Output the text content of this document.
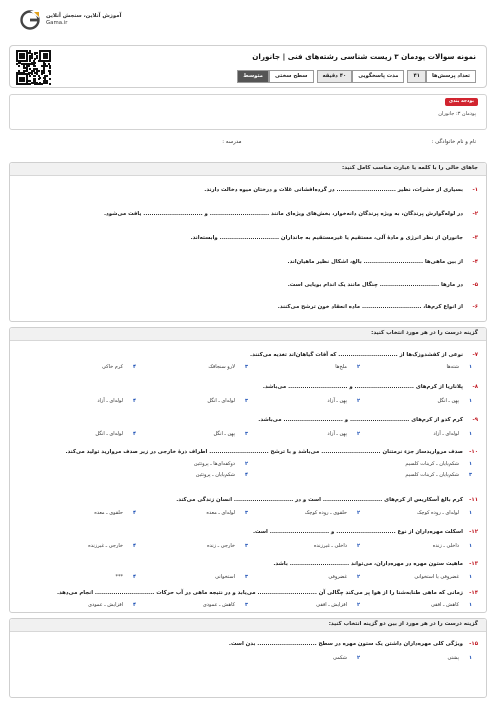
آموزش آنلاین، سنجش آنلاین
Gama.ir
نمونه سوالات پودمان ۳ زیست شناسی رشته‌های فنی | جانوران
تعداد پرسش‌ها
۴۱
مدت پاسخگویی
۴۰ دقیقه
سطح سختی
متوسط
بودجه بندی
پودمان ۳: جانوران
نام و نام خانوادگی :
مدرسه :
جاهای خالی را با کلمه یا عبارت مناسب کامل کنید:
-۱
بسیاری از حشرات، نظیر ............................. در گرده‌افشانی غلات و درختان میوه دخالت دارند.
-۲
در لوله‌گوارش پرندگان، به ویژه پرندگان دانه‌خوار، بخش‌های ویژه‌ای مانند ............................. و ............................. یافت می‌شود.
-۳
جانوران از نظر انرژی و مادهٔ آلی، مستقیم یا غیرمستقیم به جانداران ............................. وابسته‌اند.
-۴
از بین ماهی‌ها ............................. بالغ، اشکال نظیر ماهیان‌اند.
-۵
در مارها ............................. چنگال مانند یک اندام بویایی است.
-۶
از انواع کرم‌ها، ............................. ماده انعقاد خون ترشح می‌کنند.
گزینه درست را در هر مورد انتخاب کنید:
-۷
نوعی از کفشدوزک‌ها از ............................. که آفات گیاهان‌اند تغذیه می‌کنند.
۱
شته‌ها
۲
ملخ‌ها
۳
لارو سنجاقک
۴
کرم خاکی
-۸
پلاناریا از کرم‌های ............................. و ............................. می‌باشد.
۱
پهن ـ انگل
۲
پهن ـ آزاد
۳
لوله‌ای ـ انگل
۴
لوله‌ای ـ آزاد
-۹
کرم کدو از کرم‌های ............................. و ............................. می‌باشد.
۱
لوله‌ای ـ آزاد
۲
پهن ـ آزاد
۳
پهن ـ انگل
۴
لوله‌ای ـ انگل
-۱۰
صدف مروارید‌ساز جزء نرمتنان ............................. می‌باشد و با ترشح ............................. اطراف ذرهٔ خارجی در زیر صدف مروارید تولید می‌کند.
۱
شکم‌پایان ـ کربنات کلسیم
۲
دوکفه‌ای‌ها ـ پروتئین
۳
شکم‌پایان ـ کربنات کلسیم
۴
شکم‌پایان ـ پروتئین
-۱۱
کرم بالغ آسکاریس از کرم‌های ............................. است و در ............................. انسان زندگی می‌کند.
۱
لوله‌ای ـ روده کوچک
۲
حلقوی ـ روده کوچک
۳
لوله‌ای ـ معده
۴
حلقوی ـ معده
-۱۲
اسکلت مهره‌داران از نوع ............................. و ............................. است.
۱
داخلی ـ زنده
۲
داخلی ـ غیرزنده
۳
خارجی ـ زنده
۴
خارجی ـ غیرزنده
-۱۳
ماهیت ستون مهره در مهره‌داران، می‌تواند ............................. باشد.
۱
غضروفی یا استخوانی
۲
غضروفی
۳
استخوانی
۴
***
-۱۴
زمانی که ماهی طنابه‌شنا را از هوا پر می‌کند چگالی آن ............................. می‌یابد و در نتیجه ماهی در آب حرکات ............................. انجام می‌دهد.
۱
کاهش ـ افقی
۲
افزایش ـ افقی
۳
کاهش ـ عمودی
۴
افزایش ـ عمودی
گزینه درست را در هر مورد از بین دو گزینه انتخاب کنید:
-۱۵
ویژگی کلی مهره‌داران داشتن یک ستون مهره در سطح ............................. بدن است.
۱
پشتی
۲
شکمی
